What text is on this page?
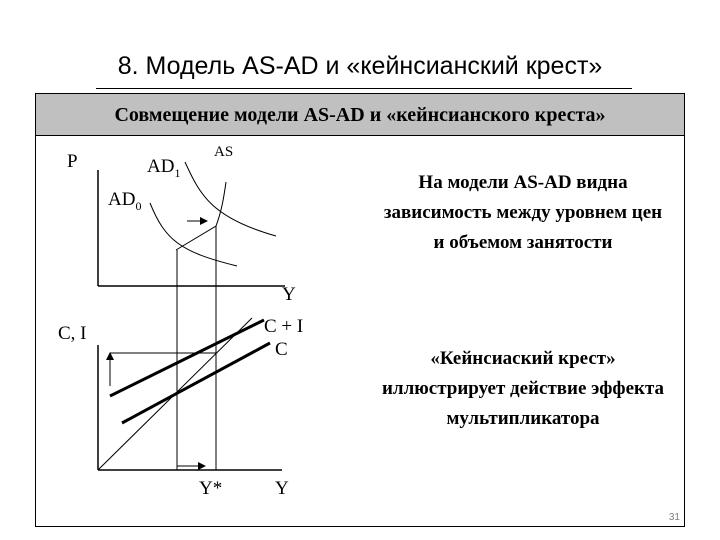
8. Модель AS-AD и «кейнсианский крест»
Совмещение модели AS-AD и «кейнсианского креста»
P
Y
$AD_1$
$AD_0$
AS
C, I
Y
Y*
C + I
C
На модели AS-AD видна зависимость между уровнем цен и объемом занятости
«Кейнсиаский крест» иллюстрирует действие эффекта мультипликатора
31
